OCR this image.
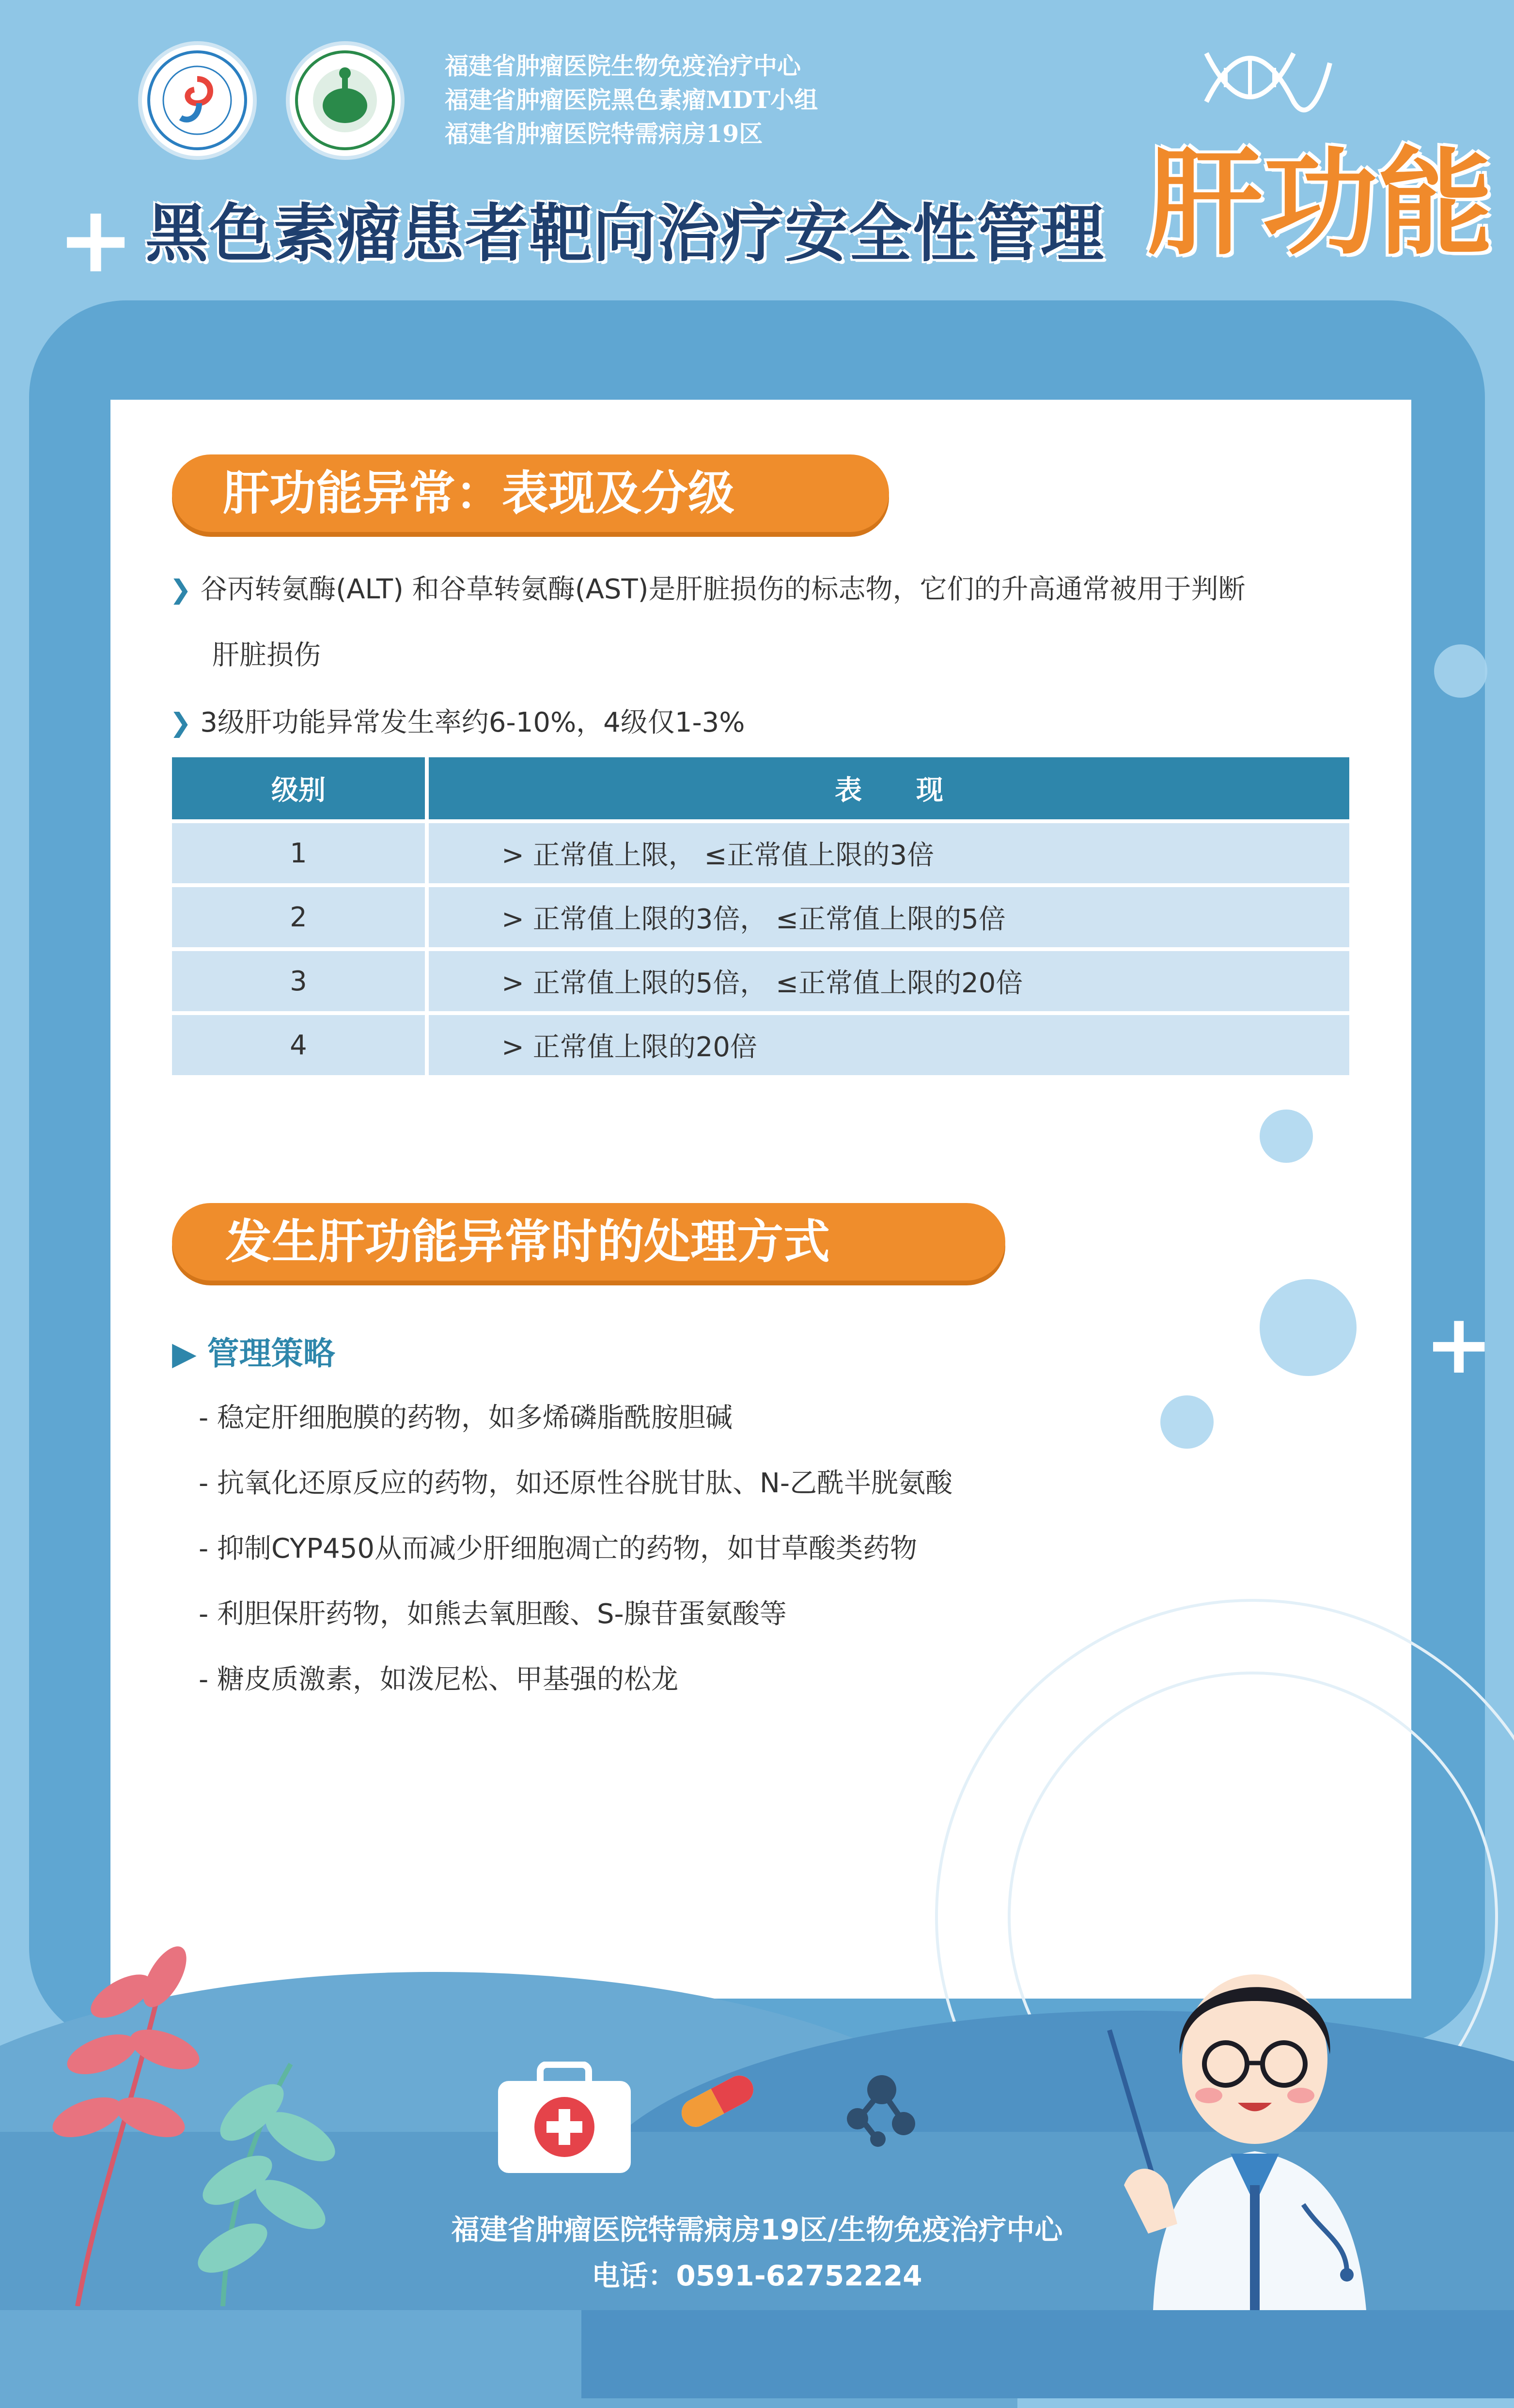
福建省肿瘤医院生物免疫治疗中心
福建省肿瘤医院黑色素瘤MDT小组
福建省肿瘤医院特需病房19区
+ 黑色素瘤患者靶向治疗安全性管理 肝功能
+
肝功能异常：表现及分级
❯ 谷丙转氨酶(ALT) 和谷草转氨酶(AST)是肝脏损伤的标志物，它们的升高通常被用于判断
肝脏损伤
❯ 3级肝功能异常发生率约6-10%，4级仅1-3%
级别	表　　现
1	> 正常值上限， ≤正常值上限的3倍
2	> 正常值上限的3倍， ≤正常值上限的5倍
3	> 正常值上限的5倍， ≤正常值上限的20倍
4	> 正常值上限的20倍
发生肝功能异常时的处理方式
▶ 管理策略
- 稳定肝细胞膜的药物，如多烯磷脂酰胺胆碱
- 抗氧化还原反应的药物，如还原性谷胱甘肽、N-乙酰半胱氨酸
- 抑制CYP450从而减少肝细胞凋亡的药物，如甘草酸类药物
- 利胆保肝药物，如熊去氧胆酸、S-腺苷蛋氨酸等
- 糖皮质激素，如泼尼松、甲基强的松龙
福建省肿瘤医院特需病房19区/生物免疫治疗中心
电话：0591-62752224
